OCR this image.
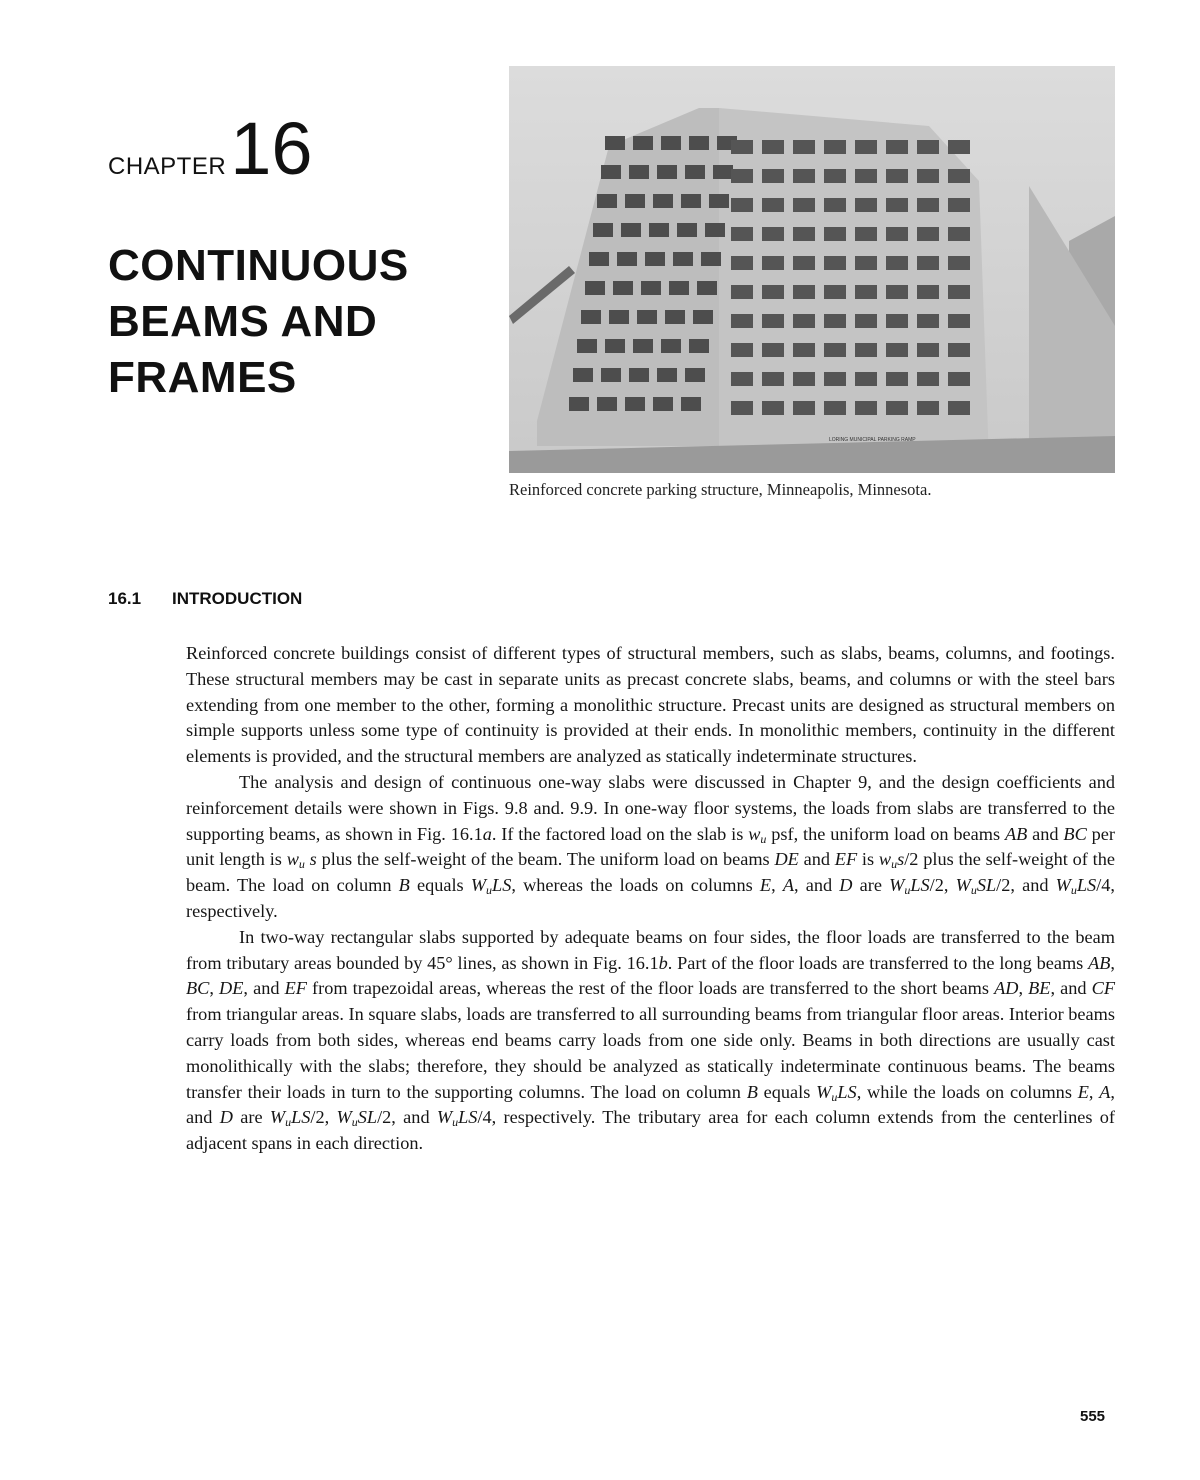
CHAPTER16
CONTINUOUS
BEAMS AND
FRAMES
LORING MUNICIPAL PARKING RAMP
Reinforced concrete parking structure, Minneapolis, Minnesota.
16.1 INTRODUCTION

Reinforced concrete buildings consist of different types of structural members, such as slabs, beams, columns, and footings. These structural members may be cast in separate units as precast concrete slabs, beams, and columns or with the steel bars extending from one member to the other, forming a monolithic structure. Precast units are designed as structural members on simple supports unless some type of continuity is provided at their ends. In monolithic members, continuity in the different elements is provided, and the structural members are analyzed as statically indeterminate structures.

The analysis and design of continuous one-way slabs were discussed in Chapter 9, and the design coefficients and reinforcement details were shown in Figs. 9.8 and. 9.9. In one-way floor systems, the loads from slabs are transferred to the supporting beams, as shown in Fig. 16.1a. If the factored load on the slab is $w_u$ psf, the uniform load on beams AB and BC per unit length is $w_u$ s plus the self-weight of the beam. The uniform load on beams DE and EF is $w_us/2$ plus the self-weight of the beam. The load on column B equals $W_uLS$, whereas the loads on columns E, A, and D are $W_uLS/2$, $W_uSL/2$, and $W_uLS/4$, respectively.

In two-way rectangular slabs supported by adequate beams on four sides, the floor loads are transferred to the beam from tributary areas bounded by 45° lines, as shown in Fig. 16.1b. Part of the floor loads are transferred to the long beams AB, BC, DE, and EF from trapezoidal areas, whereas the rest of the floor loads are transferred to the short beams AD, BE, and CF from triangular areas. In square slabs, loads are transferred to all surrounding beams from triangular floor areas. Interior beams carry loads from both sides, whereas end beams carry loads from one side only. Beams in both directions are usually cast monolithically with the slabs; therefore, they should be analyzed as statically indeterminate continuous beams. The beams transfer their loads in turn to the supporting columns. The load on column B equals $W_uLS$, while the loads on columns E, A, and D are $W_uLS/2$, $W_uSL/2$, and $W_uLS/4$, respectively. The tributary area for each column extends from the centerlines of adjacent spans in each direction.

555
